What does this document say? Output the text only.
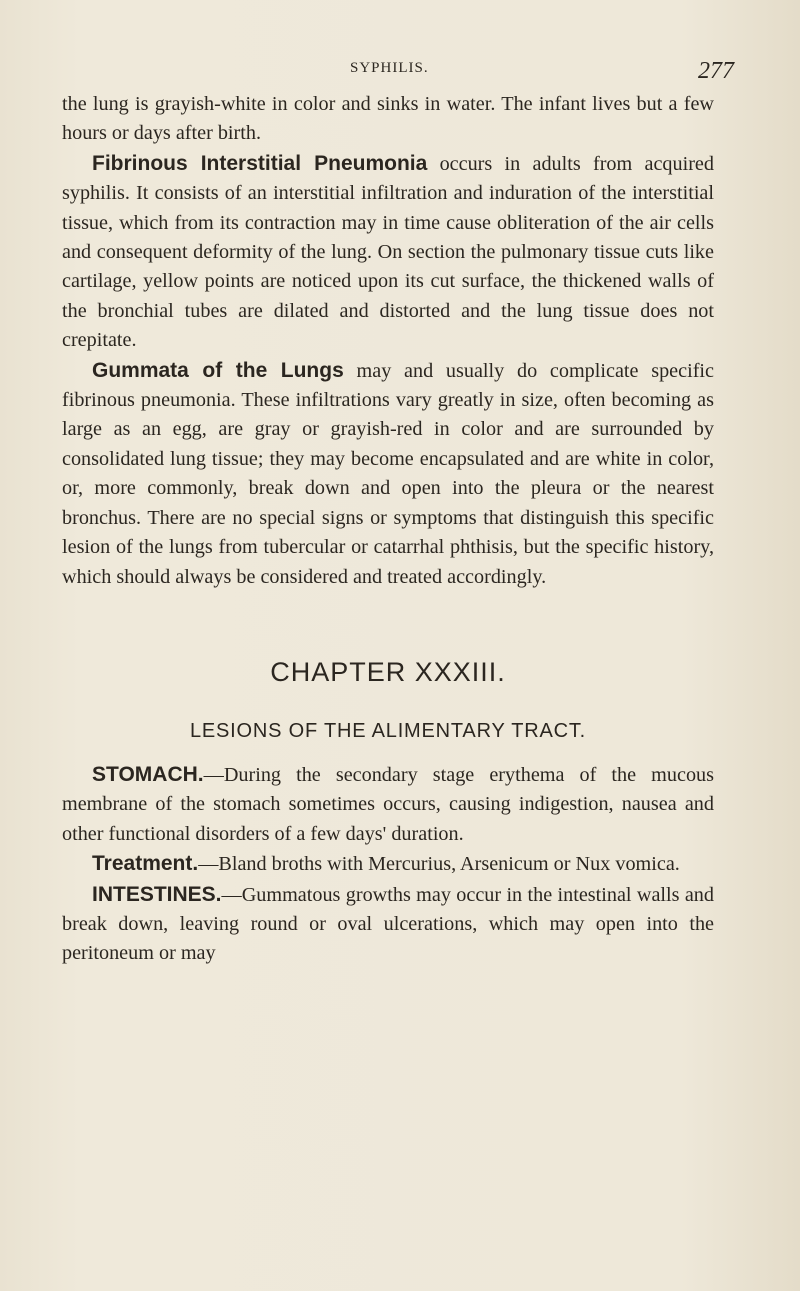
SYPHILIS.	277

the lung is grayish-white in color and sinks in water. The infant lives but a few hours or days after birth.

Fibrinous Interstitial Pneumonia occurs in adults from acquired syphilis. It consists of an interstitial infiltration and induration of the interstitial tissue, which from its contraction may in time cause obliteration of the air cells and consequent deformity of the lung. On section the pulmonary tissue cuts like cartilage, yellow points are noticed upon its cut surface, the thickened walls of the bronchial tubes are dilated and distorted and the lung tissue does not crepitate.

Gummata of the Lungs may and usually do complicate specific fibrinous pneumonia. These infiltrations vary greatly in size, often becoming as large as an egg, are gray or grayish-red in color and are surrounded by consolidated lung tissue; they may become encapsulated and are white in color, or, more commonly, break down and open into the pleura or the nearest bronchus. There are no special signs or symptoms that distinguish this specific lesion of the lungs from tubercular or catarrhal phthisis, but the specific history, which should always be considered and treated accordingly.

CHAPTER XXXIII.
LESIONS OF THE ALIMENTARY TRACT.

STOMACH.—During the secondary stage erythema of the mucous membrane of the stomach sometimes occurs, causing indigestion, nausea and other functional disorders of a few days' duration.

Treatment.—Bland broths with Mercurius, Arsenicum or Nux vomica.

INTESTINES.—Gummatous growths may occur in the intestinal walls and break down, leaving round or oval ulcerations, which may open into the peritoneum or may
